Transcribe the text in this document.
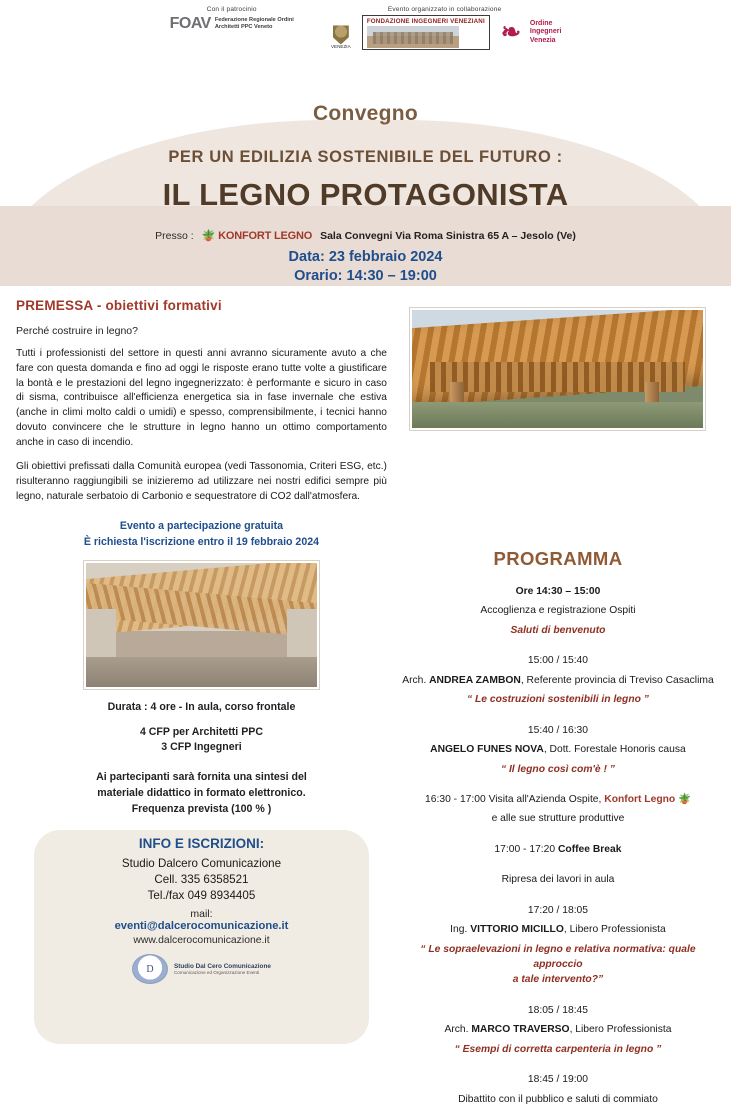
Con il patrocinio
FOAV Federazione Regionale Ordini
Architetti PPC Veneto
Evento organizzato in collaborazione
VENEZIA
FONDAZIONE INGEGNERI VENEZIANI ❧	Ordine
Ingegneri
Venezia
Convegno
PER UN EDILIZIA SOSTENIBILE DEL FUTURO :
IL LEGNO PROTAGONISTA
Presso : 🪴 KONFORT LEGNO Sala Convegni Via Roma Sinistra 65 A – Jesolo (Ve)
Data: 23 febbraio 2024
Orario: 14:30 – 19:00
PREMESSA - obiettivi formativi

Perché costruire in legno?

Tutti i professionisti del settore in questi anni avranno sicuramente avuto a che fare con questa domanda e fino ad oggi le risposte erano tutte volte a giustificare la bontà e le prestazioni del legno ingegnerizzato: è performante e sicuro in caso di sisma, contribuisce all'efficienza energetica sia in fase invernale che estiva (anche in climi molto caldi o umidi) e spesso, comprensibilmente, i tecnici hanno dovuto convincere che le strutture in legno hanno un ottimo comportamento anche in caso di incendio.

Gli obiettivi prefissati dalla Comunità europea (vedi Tassonomia, Criteri ESG, etc.) risulteranno raggiungibili se inizieremo ad utilizzare nei nostri edifici sempre più legno, naturale serbatoio di Carbonio e sequestratore di CO2 dall'atmosfera.

Evento a partecipazione gratuita
È richiesta l'iscrizione entro il 19 febbraio 2024
Durata : 4 ore - In aula, corso frontale
4 CFP per Architetti PPC
3 CFP Ingegneri
Ai partecipanti sarà fornita una sintesi del
materiale didattico in formato elettronico.
Frequenza prevista (100 % )
INFO E ISCRIZIONI:
Studio Dalcero Comunicazione
Cell. 335 6358521
Tel./fax 049 8934405
mail:
eventi@dalcerocomunicazione.it
www.dalcerocomunicazione.it
D	Studio Dal Cero Comunicazione
Comunicazione ed Organizzazione Eventi
PROGRAMMA
Ore 14:30 – 15:00
Accoglienza e registrazione Ospiti
Saluti di benvenuto
15:00 / 15:40
Arch. ANDREA ZAMBON, Referente provincia di Treviso Casaclima
“ Le costruzioni sostenibili in legno ”
15:40 / 16:30
ANGELO FUNES NOVA, Dott. Forestale Honoris causa
“ Il legno così com'è ! ”
16:30 - 17:00 Visita all'Azienda Ospite, Konfort Legno 🪴
e alle sue strutture produttive
17:00 - 17:20 Coffee Break
Ripresa dei lavori in aula
17:20 / 18:05
Ing. VITTORIO MICILLO, Libero Professionista
“ Le sopraelevazioni in legno e relativa normativa: quale approccio
a tale intervento?”
18:05 / 18:45
Arch. MARCO TRAVERSO, Libero Professionista
“ Esempi di corretta carpenteria in legno ”
18:45 / 19:00
Dibattito con il pubblico e saluti di commiato
